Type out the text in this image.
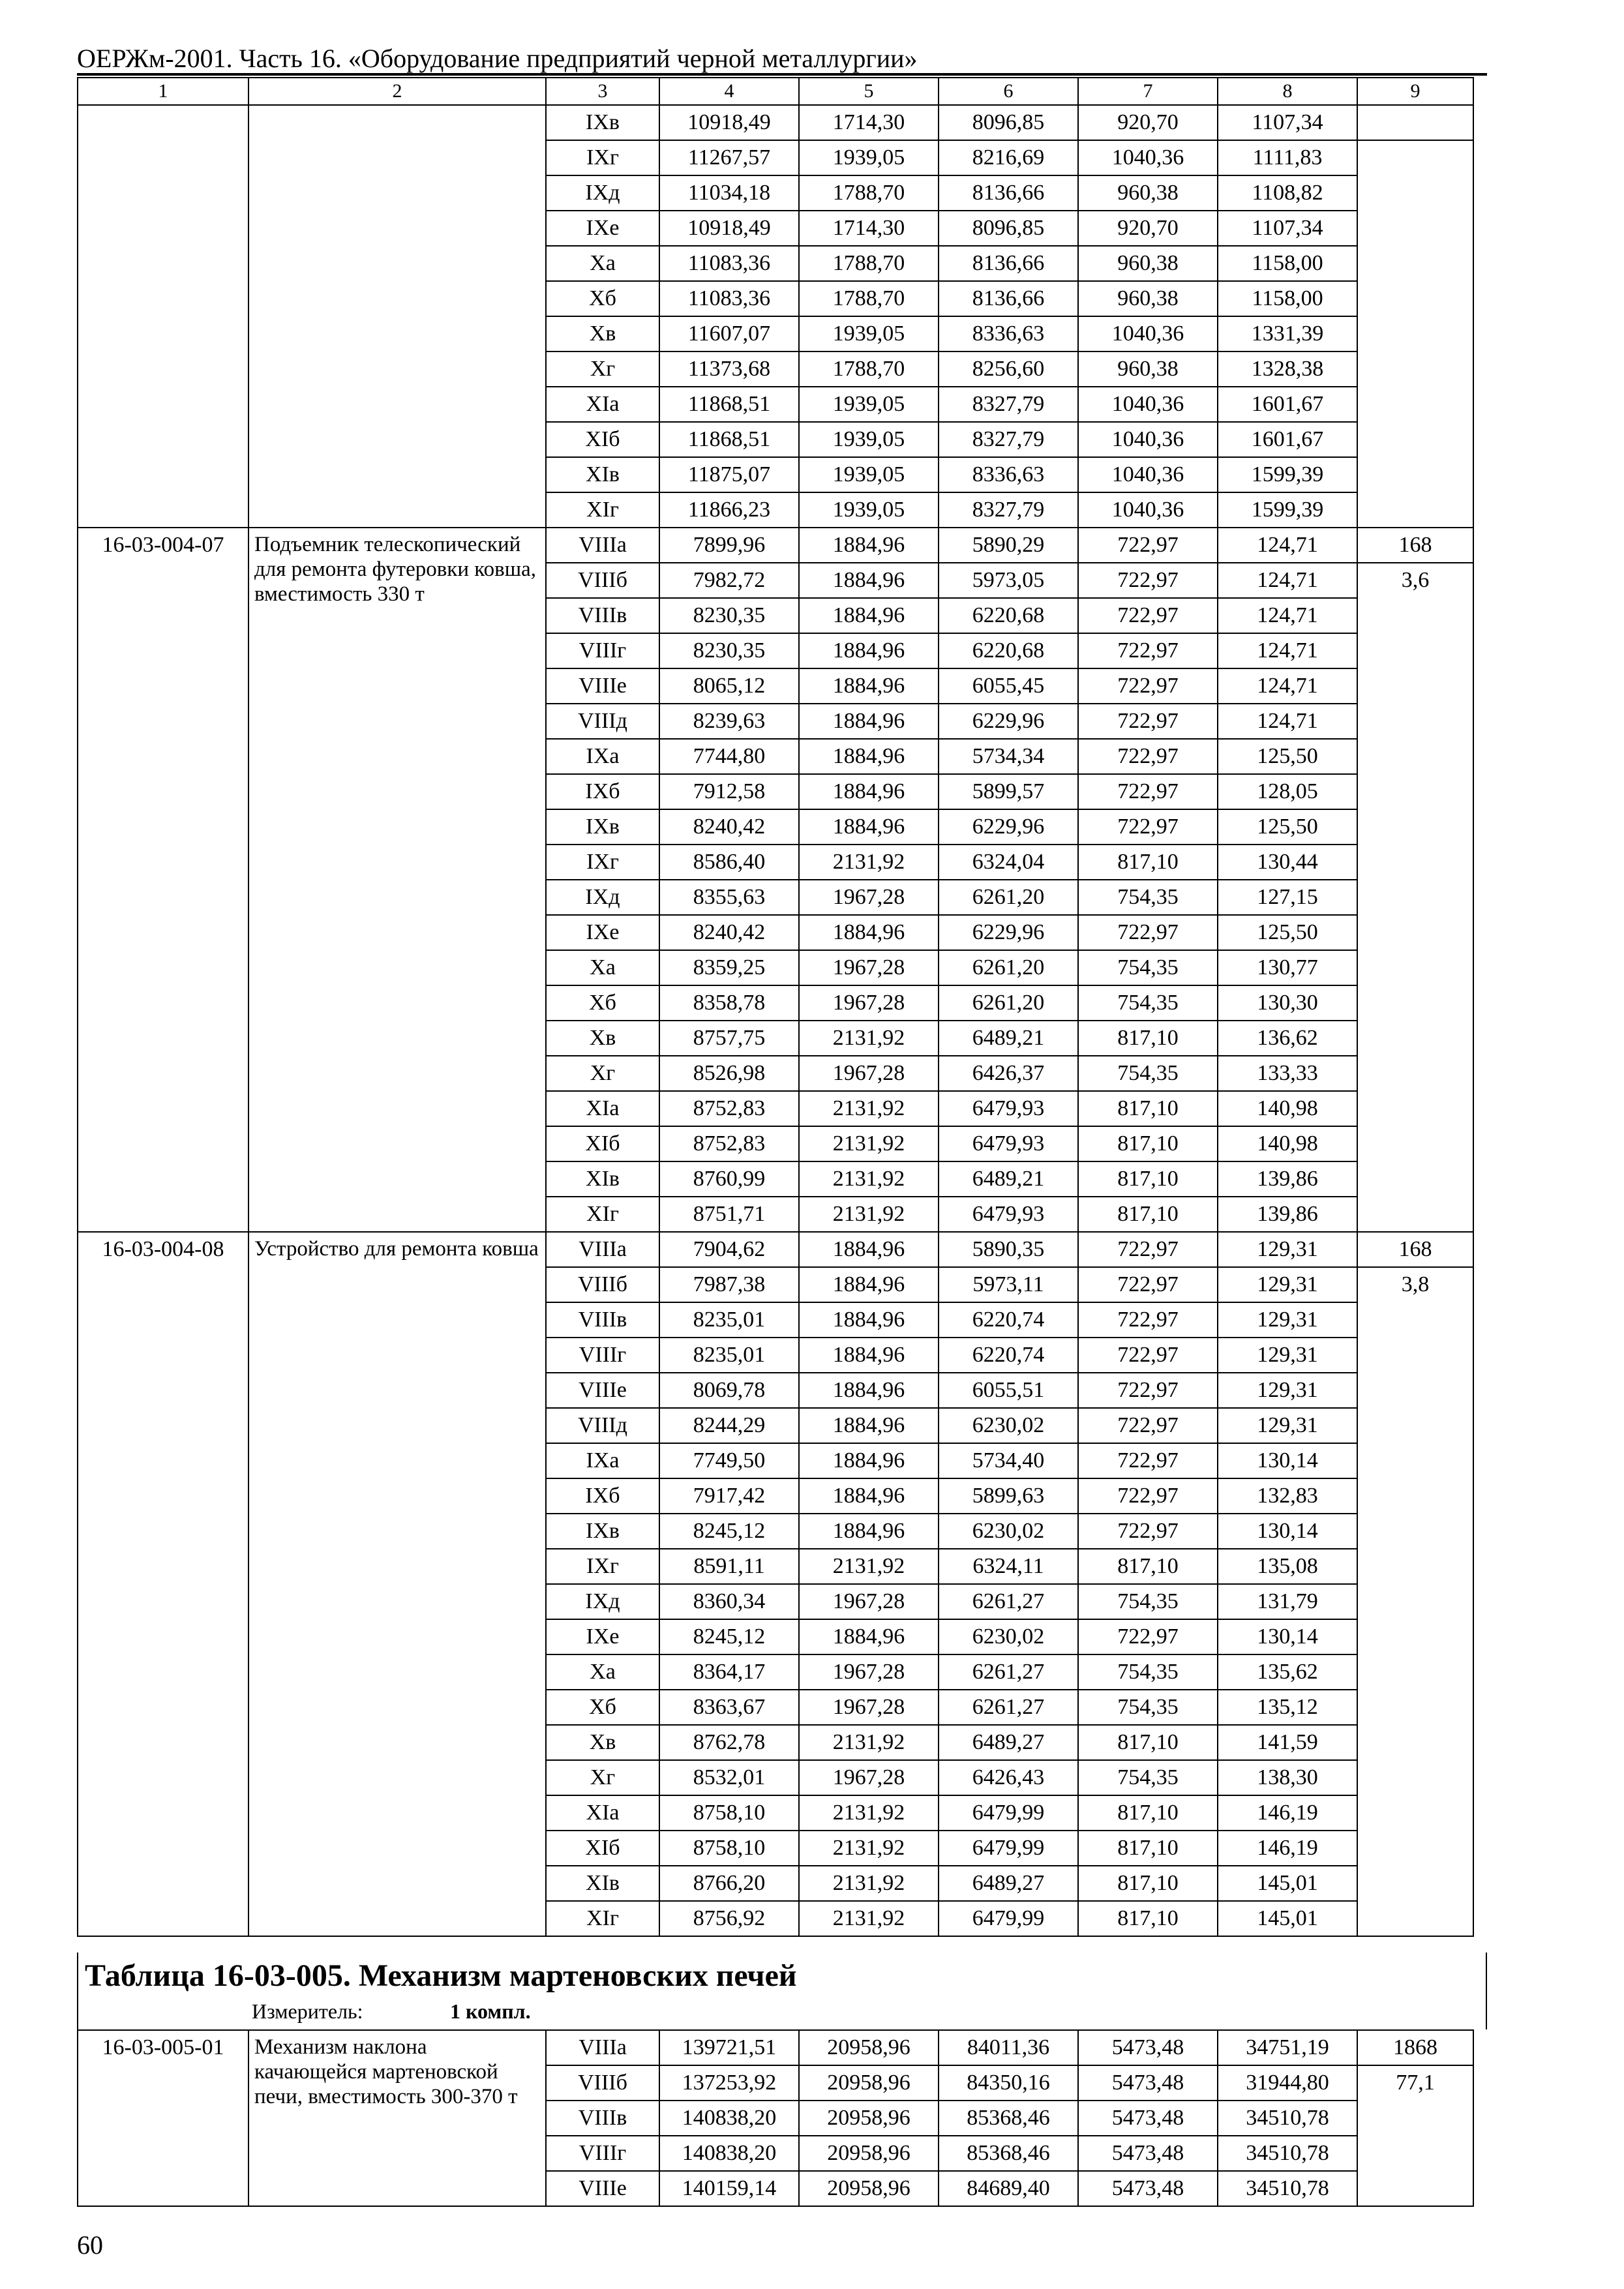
ОЕРЖм-2001. Часть 16. «Оборудование предприятий черной металлургии»
1	2	3	4	5	6	7	8	9
		IXв	10918,49	1714,30	8096,85	920,70	1107,34	
		IXг	11267,57	1939,05	8216,69	1040,36	1111,83	
		IXд	11034,18	1788,70	8136,66	960,38	1108,82	
		IXе	10918,49	1714,30	8096,85	920,70	1107,34	
		Xа	11083,36	1788,70	8136,66	960,38	1158,00	
		Xб	11083,36	1788,70	8136,66	960,38	1158,00	
		Xв	11607,07	1939,05	8336,63	1040,36	1331,39	
		Xг	11373,68	1788,70	8256,60	960,38	1328,38	
		XIа	11868,51	1939,05	8327,79	1040,36	1601,67	
		XIб	11868,51	1939,05	8327,79	1040,36	1601,67	
		XIв	11875,07	1939,05	8336,63	1040,36	1599,39	
		XIг	11866,23	1939,05	8327,79	1040,36	1599,39	
16-03-004-07	Подъемник телескопический для ремонта футеровки ковша, вместимость 330 т	VIIIа	7899,96	1884,96	5890,29	722,97	124,71	168
		VIIIб	7982,72	1884,96	5973,05	722,97	124,71	3,6
		VIIIв	8230,35	1884,96	6220,68	722,97	124,71	
		VIIIг	8230,35	1884,96	6220,68	722,97	124,71	
		VIIIе	8065,12	1884,96	6055,45	722,97	124,71	
		VIIIд	8239,63	1884,96	6229,96	722,97	124,71	
		IXа	7744,80	1884,96	5734,34	722,97	125,50	
		IXб	7912,58	1884,96	5899,57	722,97	128,05	
		IXв	8240,42	1884,96	6229,96	722,97	125,50	
		IXг	8586,40	2131,92	6324,04	817,10	130,44	
		IXд	8355,63	1967,28	6261,20	754,35	127,15	
		IXе	8240,42	1884,96	6229,96	722,97	125,50	
		Xа	8359,25	1967,28	6261,20	754,35	130,77	
		Xб	8358,78	1967,28	6261,20	754,35	130,30	
		Xв	8757,75	2131,92	6489,21	817,10	136,62	
		Xг	8526,98	1967,28	6426,37	754,35	133,33	
		XIа	8752,83	2131,92	6479,93	817,10	140,98	
		XIб	8752,83	2131,92	6479,93	817,10	140,98	
		XIв	8760,99	2131,92	6489,21	817,10	139,86	
		XIг	8751,71	2131,92	6479,93	817,10	139,86	
16-03-004-08	Устройство для ремонта ковша	VIIIа	7904,62	1884,96	5890,35	722,97	129,31	168
		VIIIб	7987,38	1884,96	5973,11	722,97	129,31	3,8
		VIIIв	8235,01	1884,96	6220,74	722,97	129,31	
		VIIIг	8235,01	1884,96	6220,74	722,97	129,31	
		VIIIе	8069,78	1884,96	6055,51	722,97	129,31	
		VIIIд	8244,29	1884,96	6230,02	722,97	129,31	
		IXа	7749,50	1884,96	5734,40	722,97	130,14	
		IXб	7917,42	1884,96	5899,63	722,97	132,83	
		IXв	8245,12	1884,96	6230,02	722,97	130,14	
		IXг	8591,11	2131,92	6324,11	817,10	135,08	
		IXд	8360,34	1967,28	6261,27	754,35	131,79	
		IXе	8245,12	1884,96	6230,02	722,97	130,14	
		Xа	8364,17	1967,28	6261,27	754,35	135,62	
		Xб	8363,67	1967,28	6261,27	754,35	135,12	
		Xв	8762,78	2131,92	6489,27	817,10	141,59	
		Xг	8532,01	1967,28	6426,43	754,35	138,30	
		XIа	8758,10	2131,92	6479,99	817,10	146,19	
		XIб	8758,10	2131,92	6479,99	817,10	146,19	
		XIв	8766,20	2131,92	6489,27	817,10	145,01	
		XIг	8756,92	2131,92	6479,99	817,10	145,01	
Таблица 16-03-005. Механизм мартеновских печей
Измеритель:	1 компл.
16-03-005-01	Механизм наклона качающейся мартеновской печи, вместимость 300-370 т	VIIIа	139721,51	20958,96	84011,36	5473,48	34751,19	1868
		VIIIб	137253,92	20958,96	84350,16	5473,48	31944,80	77,1
		VIIIв	140838,20	20958,96	85368,46	5473,48	34510,78	
		VIIIг	140838,20	20958,96	85368,46	5473,48	34510,78	
		VIIIе	140159,14	20958,96	84689,40	5473,48	34510,78	
60
